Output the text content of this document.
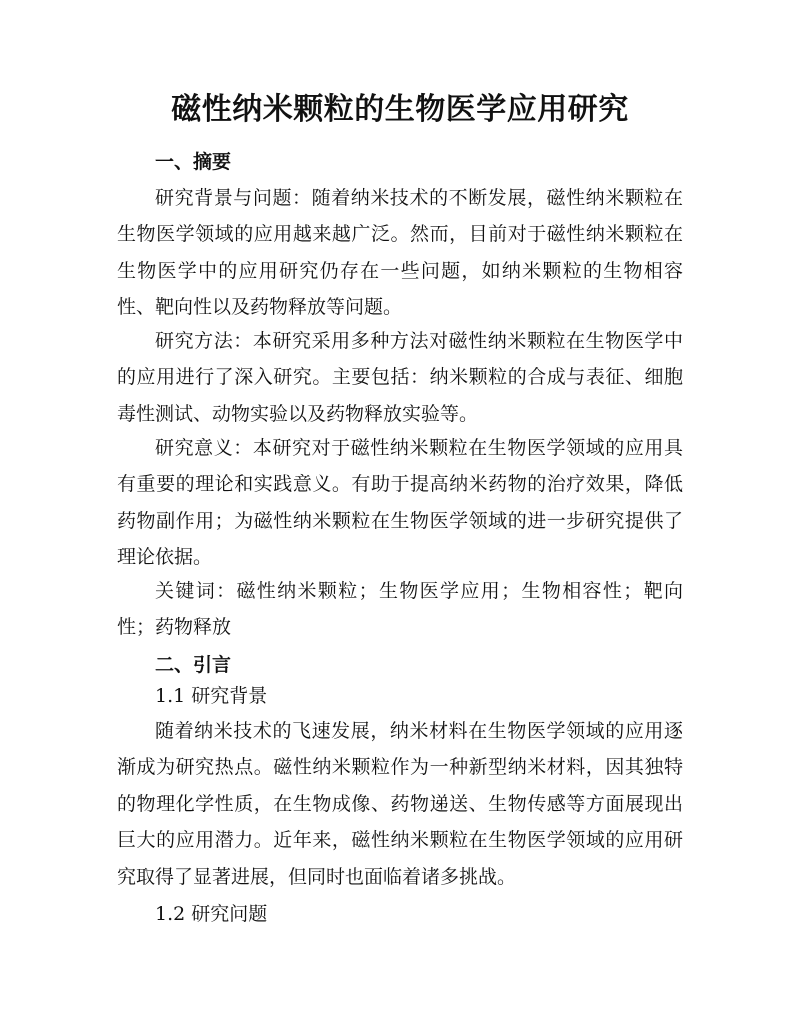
磁性纳米颗粒的生物医学应用研究
一、摘要

研究背景与问题：随着纳米技术的不断发展，磁性纳米颗粒在生物医学领域的应用越来越广泛。然而，目前对于磁性纳米颗粒在生物医学中的应用研究仍存在一些问题，如纳米颗粒的生物相容性、靶向性以及药物释放等问题。

研究方法：本研究采用多种方法对磁性纳米颗粒在生物医学中的应用进行了深入研究。主要包括：纳米颗粒的合成与表征、细胞毒性测试、动物实验以及药物释放实验等。

研究意义：本研究对于磁性纳米颗粒在生物医学领域的应用具有重要的理论和实践意义。有助于提高纳米药物的治疗效果，降低药物副作用；为磁性纳米颗粒在生物医学领域的进一步研究提供了理论依据。

关键词：磁性纳米颗粒；生物医学应用；生物相容性；靶向性；药物释放

二、引言
1.1 研究背景

随着纳米技术的飞速发展，纳米材料在生物医学领域的应用逐渐成为研究热点。磁性纳米颗粒作为一种新型纳米材料，因其独特的物理化学性质，在生物成像、药物递送、生物传感等方面展现出巨大的应用潜力。近年来，磁性纳米颗粒在生物医学领域的应用研究取得了显著进展，但同时也面临着诸多挑战。

1.2 研究问题
